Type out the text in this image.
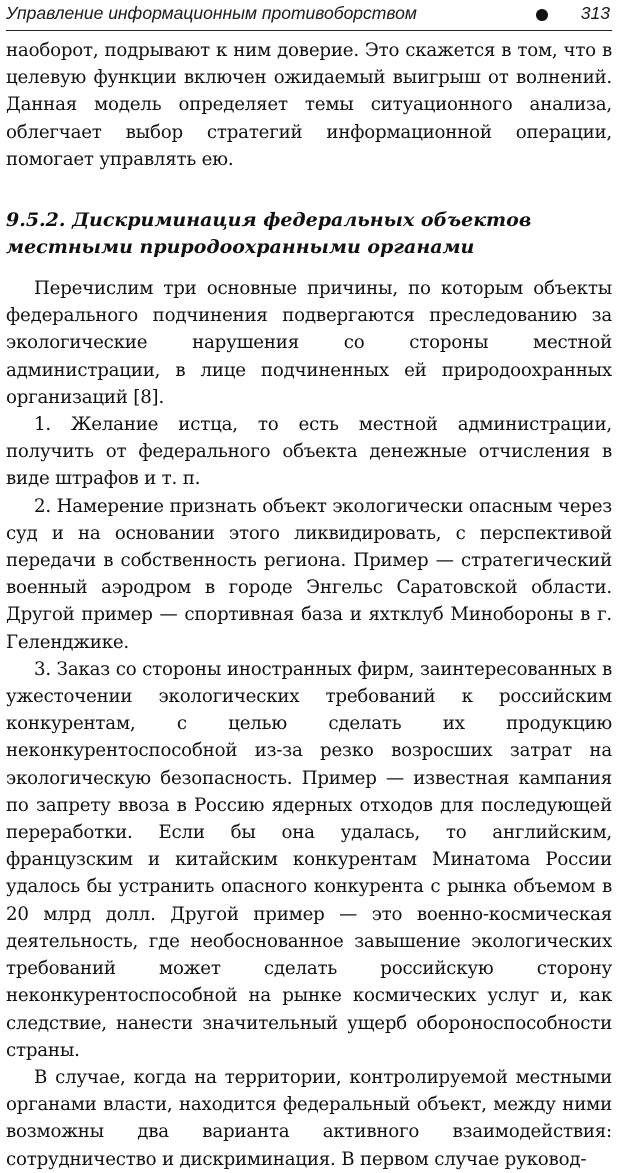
Управление информационным противоборством	313

наоборот, подрывают к ним доверие. Это скажется в том, что в целевую функции включен ожидаемый выигрыш от волнений. Данная модель определяет темы ситуационного анализа, облегчает выбор стратегий информационной операции, помогает управлять ею.

9.5.2. Дискриминация федеральных объектов местными природоохранными органами

Перечислим три основные причины, по которым объекты федерального подчинения подвергаются преследованию за экологические нарушения со стороны местной администрации, в лице подчиненных ей природоохранных организаций [8].

1. Желание истца, то есть местной администрации, получить от федерального объекта денежные отчисления в виде штрафов и т. п.

2. Намерение признать объект экологически опасным через суд и на основании этого ликвидировать, с перспективой передачи в собственность региона. Пример — стратегический военный аэродром в городе Энгельс Саратовской области. Другой пример — спортивная база и яхтклуб Минобороны в г. Геленджике.

3. Заказ со стороны иностранных фирм, заинтересованных в ужесточении экологических требований к российским конкурентам, с целью сделать их продукцию неконкурентоспособной из-за резко возросших затрат на экологическую безопасность. Пример — известная кампания по запрету ввоза в Россию ядерных отходов для последующей переработки. Если бы она удалась, то английским, французским и китайским конкурентам Минатома России удалось бы устранить опасного конкурента с рынка объемом в 20 млрд долл. Другой пример — это военно-космическая деятельность, где необоснованное завышение экологических требований может сделать российскую сторону неконкурентоспособной на рынке космических услуг и, как следствие, нанести значительный ущерб обороноспособности страны.

В случае, когда на территории, контролируемой местными органами власти, находится федеральный объект, между ними возможны два варианта активного взаимодействия: сотрудничество и дискриминация. В первом случае руковод-
